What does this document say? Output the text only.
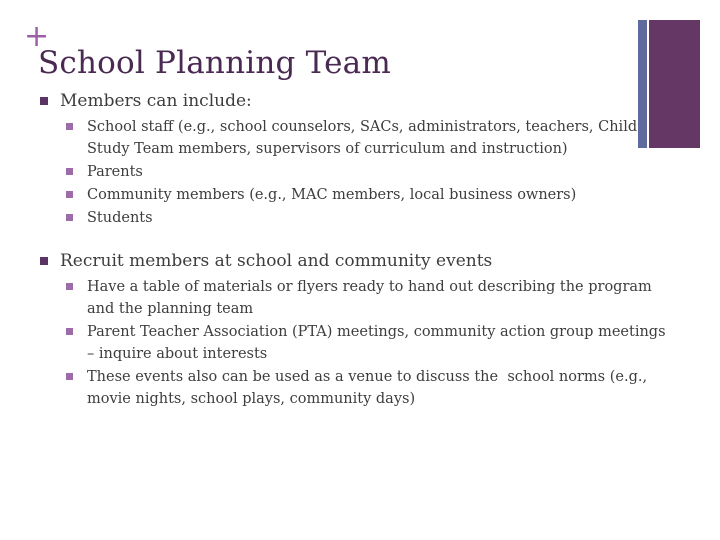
+
School Planning Team
Members can include:
School staff (e.g., school counselors, SACs, administrators, teachers, Child Study Team members, supervisors of curriculum and instruction)
Parents
Community members (e.g., MAC members, local business owners)
Students
Recruit members at school and community events
Have a table of materials or flyers ready to hand out describing the program and the planning team
Parent Teacher Association (PTA) meetings, community action group meetings – inquire about interests
These events also can be used as a venue to discuss the  school norms (e.g., movie nights, school plays, community days)
